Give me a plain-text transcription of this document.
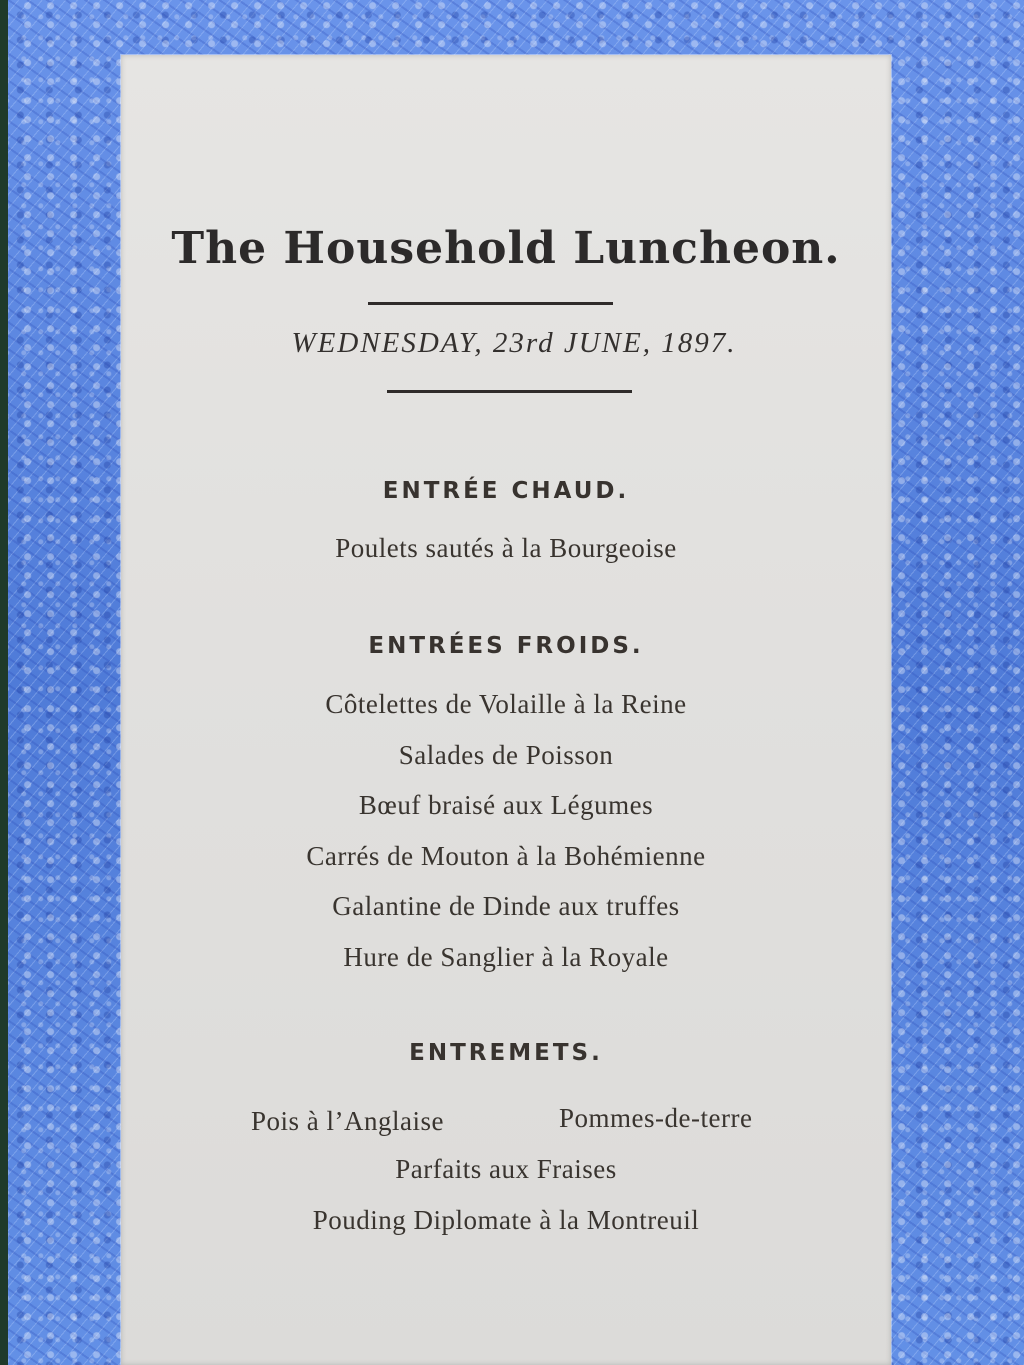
The Household Luncheon.
WEDNESDAY, 23rd JUNE, 1897.
ENTRÉE CHAUD.
Poulets sautés à la Bourgeoise
ENTRÉES FROIDS.
Côtelettes de Volaille à la Reine
Salades de Poisson
Bœuf braisé aux Légumes
Carrés de Mouton à la Bohémienne
Galantine de Dinde aux truffes
Hure de Sanglier à la Royale
ENTREMETS.
Pois à l’Anglaise	Pommes-de-terre
Parfaits aux Fraises
Pouding Diplomate à la Montreuil
